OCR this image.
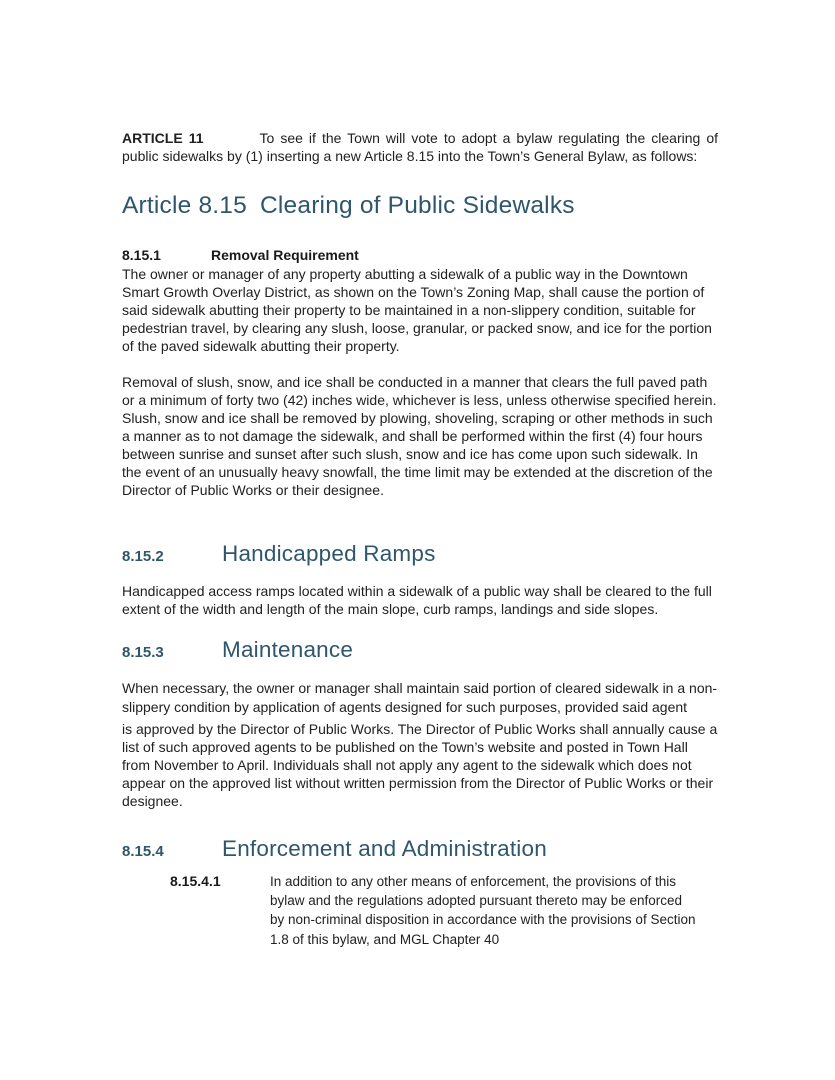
ARTICLE 11	To see if the Town will vote to adopt a bylaw regulating the clearing of public sidewalks by (1) inserting a new Article 8.15 into the Town’s General Bylaw, as follows:

Article 8.15 Clearing of Public Sidewalks
8.15.1	Removal Requirement

The owner or manager of any property abutting a sidewalk of a public way in the Downtown Smart Growth Overlay District, as shown on the Town’s Zoning Map, shall cause the portion of said sidewalk abutting their property to be maintained in a non-slippery condition, suitable for pedestrian travel, by clearing any slush, loose, granular, or packed snow, and ice for the portion of the paved sidewalk abutting their property.

Removal of slush, snow, and ice shall be conducted in a manner that clears the full paved path or a minimum of forty two (42) inches wide, whichever is less, unless otherwise specified herein. Slush, snow and ice shall be removed by plowing, shoveling, scraping or other methods in such a manner as to not damage the sidewalk, and shall be performed within the first (4) four hours between sunrise and sunset after such slush, snow and ice has come upon such sidewalk. In the event of an unusually heavy snowfall, the time limit may be extended at the discretion of the Director of Public Works or their designee.

8.15.2	Handicapped Ramps

Handicapped access ramps located within a sidewalk of a public way shall be cleared to the full extent of the width and length of the main slope, curb ramps, landings and side slopes.

8.15.3	Maintenance

When necessary, the owner or manager shall maintain said portion of cleared sidewalk in a non-slippery condition by application of agents designed for such purposes, provided said agent

is approved by the Director of Public Works. The Director of Public Works shall annually cause a list of such approved agents to be published on the Town’s website and posted in Town Hall from November to April. Individuals shall not apply any agent to the sidewalk which does not appear on the approved list without written permission from the Director of Public Works or their designee.

8.15.4	Enforcement and Administration
8.15.4.1	In addition to any other means of enforcement, the provisions of this bylaw and the regulations adopted pursuant thereto may be enforced by non-criminal disposition in accordance with the provisions of Section 1.8 of this bylaw, and MGL Chapter 40
